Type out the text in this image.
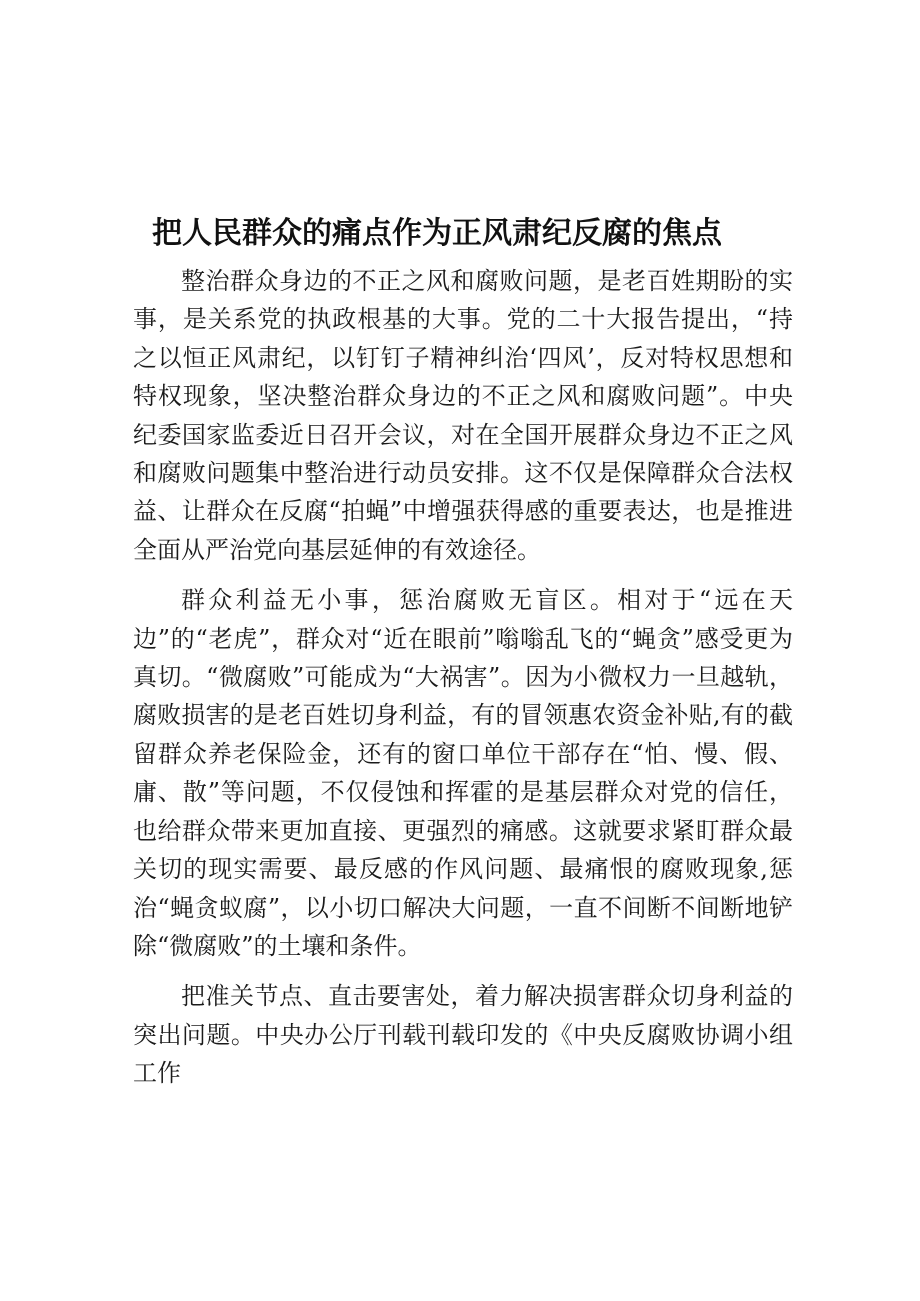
把人民群众的痛点作为正风肃纪反腐的焦点

整治群众身边的不正之风和腐败问题，是老百姓期盼的实事，是关系党的执政根基的大事。党的二十大报告提出，“持之以恒正风肃纪，以钉钉子精神纠治‘四风’，反对特权思想和特权现象，坚决整治群众身边的不正之风和腐败问题”。中央纪委国家监委近日召开会议，对在全国开展群众身边不正之风和腐败问题集中整治进行动员安排。这不仅是保障群众合法权益、让群众在反腐“拍蝇”中增强获得感的重要表达，也是推进全面从严治党向基层延伸的有效途径。

群众利益无小事，惩治腐败无盲区。相对于“远在天边”的“老虎”，群众对“近在眼前”嗡嗡乱飞的“蝇贪”感受更为真切。“微腐败”可能成为“大祸害”。因为小微权力一旦越轨，腐败损害的是老百姓切身利益，有的冒领惠农资金补贴,有的截留群众养老保险金，还有的窗口单位干部存在“怕、慢、假、庸、散”等问题，不仅侵蚀和挥霍的是基层群众对党的信任，也给群众带来更加直接、更强烈的痛感。这就要求紧盯群众最关切的现实需要、最反感的作风问题、最痛恨的腐败现象,惩治“蝇贪蚁腐”，以小切口解决大问题，一直不间断不间断地铲除“微腐败”的土壤和条件。

把准关节点、直击要害处，着力解决损害群众切身利益的突出问题。中央办公厅刊载刊载印发的《中央反腐败协调小组工作
